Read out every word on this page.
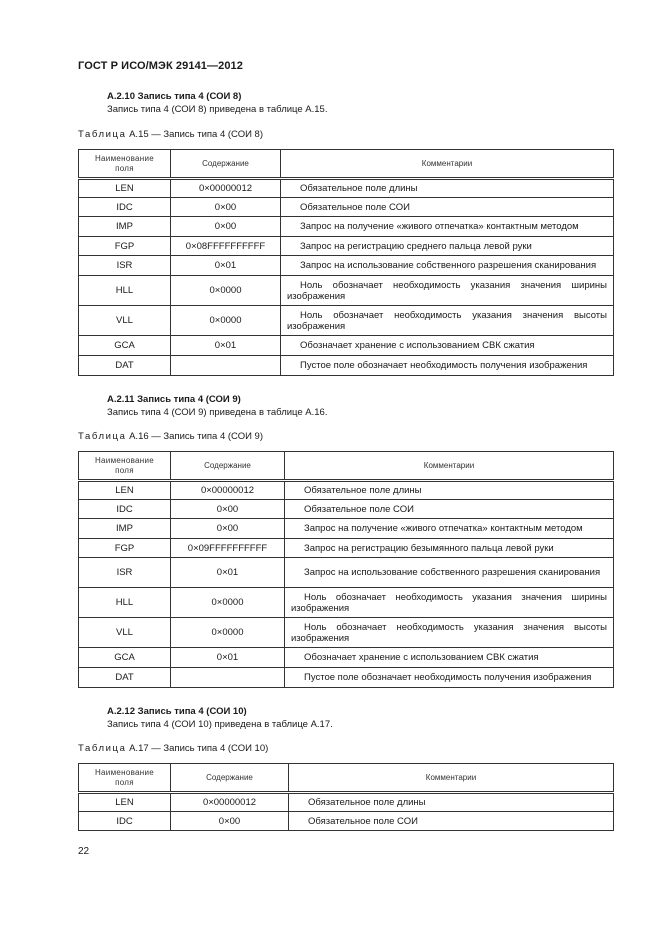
ГОСТ Р ИСО/МЭК 29141—2012
А.2.10 Запись типа 4 (СОИ 8)
Запись типа 4 (СОИ 8) приведена в таблице А.15.
Таблица А.15 — Запись типа 4 (СОИ 8)
Наименование поля	Содержание	Комментарии
LEN	0×00000012	Обязательное поле длины
IDC	0×00	Обязательное поле СОИ
IMP	0×00	Запрос на получение «живого отпечатка» контактным методом
FGP	0×08FFFFFFFFFF	Запрос на регистрацию среднего пальца левой руки
ISR	0×01	Запрос на использование собственного разрешения сканирования
HLL	0×0000	Ноль обозначает необходимость указания значения ширины изображения
VLL	0×0000	Ноль обозначает необходимость указания значения высоты изображения
GCA	0×01	Обозначает хранение с использованием СВК сжатия
DAT		Пустое поле обозначает необходимость получения изображения
А.2.11 Запись типа 4 (СОИ 9)
Запись типа 4 (СОИ 9) приведена в таблице А.16.
Таблица А.16 — Запись типа 4 (СОИ 9)
Наименование поля	Содержание	Комментарии
LEN	0×00000012	Обязательное поле длины
IDC	0×00	Обязательное поле СОИ
IMP	0×00	Запрос на получение «живого отпечатка» контактным методом
FGP	0×09FFFFFFFFFF	Запрос на регистрацию безымянного пальца левой руки
ISR	0×01	Запрос на использование собственного разрешения сканирования
HLL	0×0000	Ноль обозначает необходимость указания значения ширины изображения
VLL	0×0000	Ноль обозначает необходимость указания значения высоты изображения
GCA	0×01	Обозначает хранение с использованием СВК сжатия
DAT		Пустое поле обозначает необходимость получения изображения
А.2.12 Запись типа 4 (СОИ 10)
Запись типа 4 (СОИ 10) приведена в таблице А.17.
Таблица А.17 — Запись типа 4 (СОИ 10)
Наименование поля	Содержание	Комментарии
LEN	0×00000012	Обязательное поле длины
IDC	0×00	Обязательное поле СОИ
22
